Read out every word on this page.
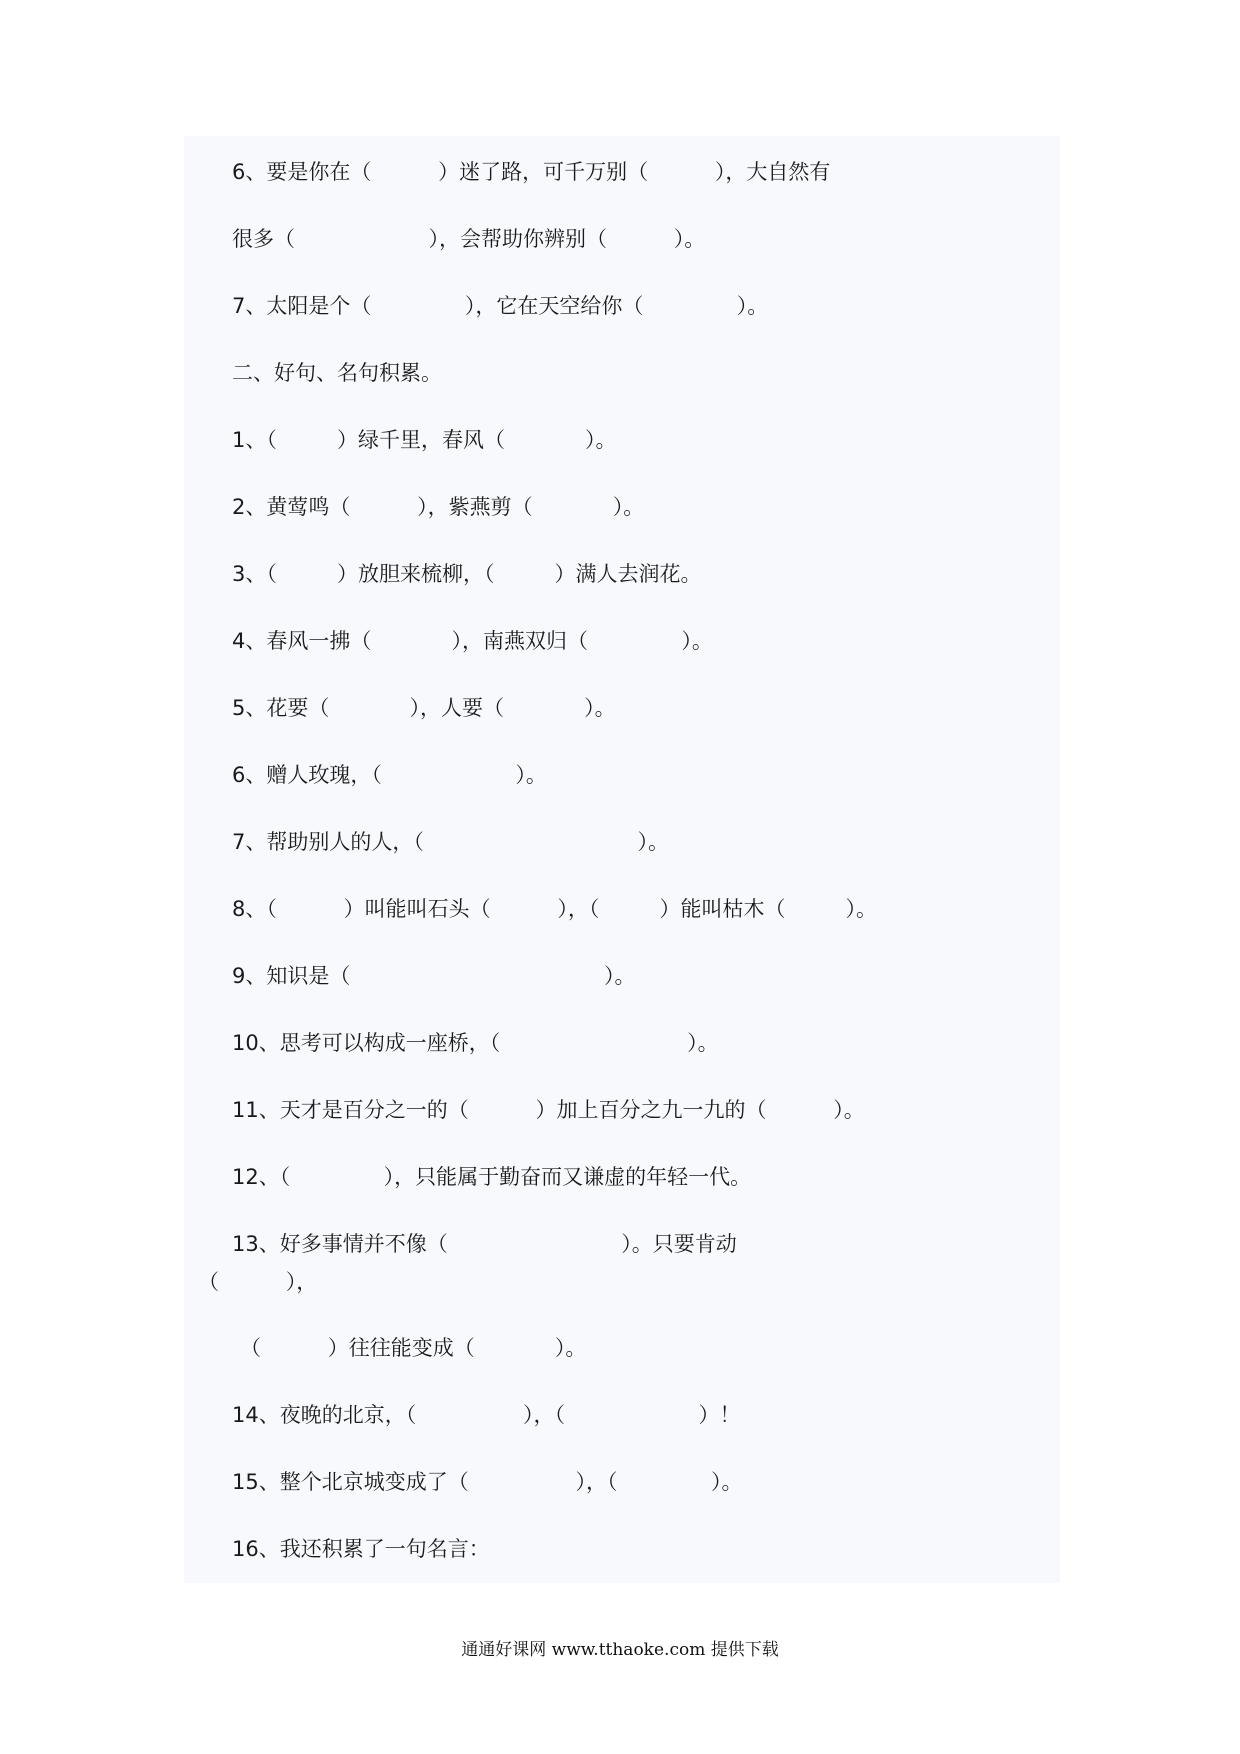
6、要是你在（          ）迷了路，可千万别（          ），大自然有
很多（                    ），会帮助你辨别（          ）。
7、太阳是个（              ），它在天空给你（              ）。
二、好句、名句积累。
1、（         ）绿千里，春风（            ）。
2、黄莺鸣（          ），紫燕剪（            ）。
3、（         ）放胆来梳柳，（         ）满人去润花。
4、春风一拂（            ），南燕双归（              ）。
5、花要（            ），人要（            ）。
6、赠人玫瑰，（                    ）。
7、帮助别人的人，（                                ）。
8、（          ）叫能叫石头（          ），（         ）能叫枯木（         ）。
9、知识是（                                      ）。
10、思考可以构成一座桥，（                            ）。
11、天才是百分之一的（          ）加上百分之九一九的（          ）。
12、（              ），只能属于勤奋而又谦虚的年轻一代。
13、好多事情并不像（                          ）。只要肯动
（          ），
（          ）往往能变成（            ）。
14、夜晚的北京，（                ），（                    ）！
15、整个北京城变成了（                ），（              ）。
16、我还积累了一句名言：
通通好课网 www.tthaoke.com 提供下载
